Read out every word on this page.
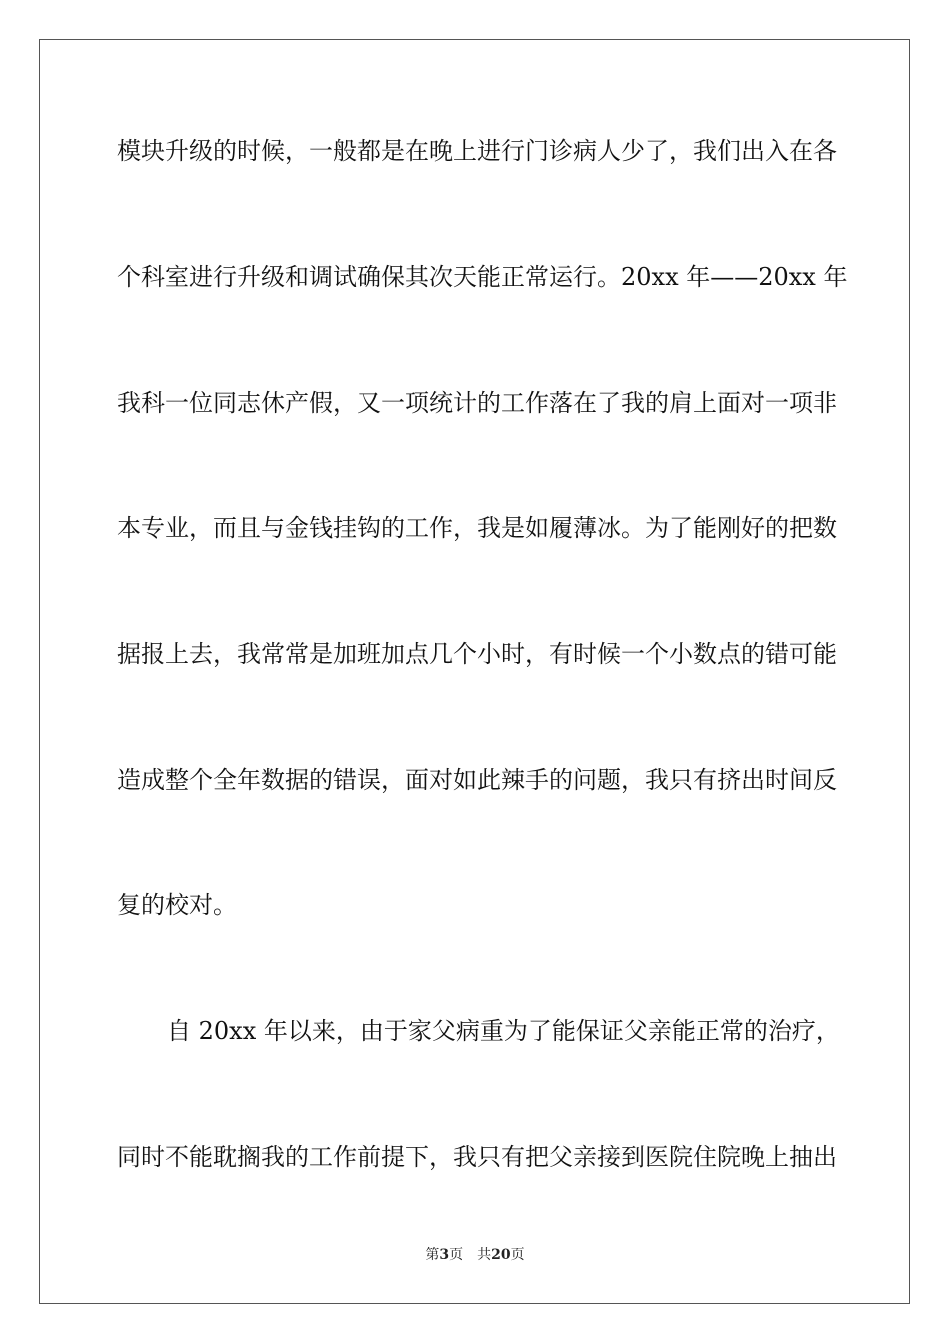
模块升级的时候，一般都是在晚上进行门诊病人少了，我们出入在各
个科室进行升级和调试确保其次天能正常运行。20xx 年——20xx 年
我科一位同志休产假，又一项统计的工作落在了我的肩上面对一项非
本专业，而且与金钱挂钩的工作，我是如履薄冰。为了能刚好的把数
据报上去，我常常是加班加点几个小时，有时候一个小数点的错可能
造成整个全年数据的错误，面对如此辣手的问题，我只有挤出时间反
复的校对。
自 20xx 年以来，由于家父病重为了能保证父亲能正常的治疗，
同时不能耽搁我的工作前提下，我只有把父亲接到医院住院晚上抽出
第3页 共20页
